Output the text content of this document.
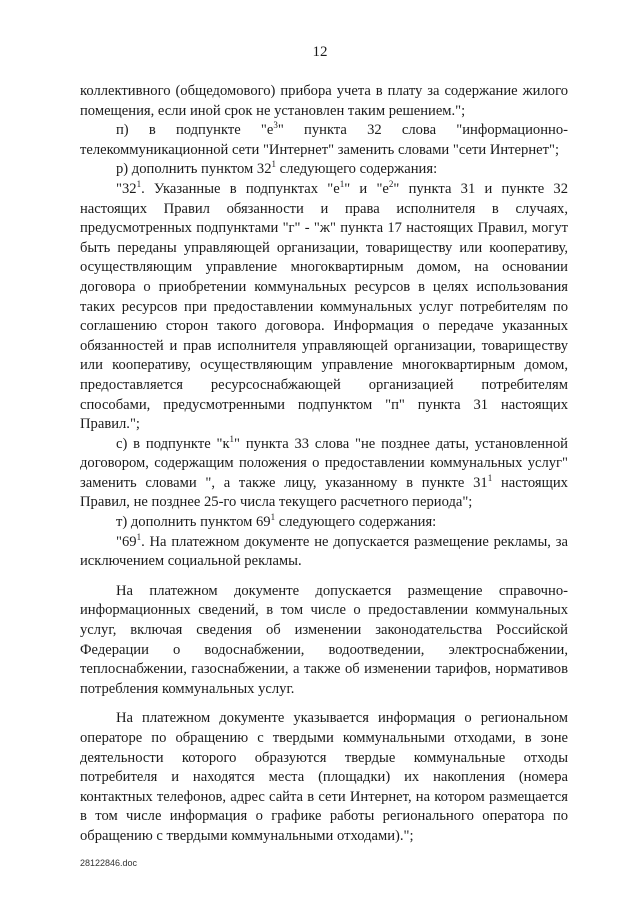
12

коллективного (общедомового) прибора учета в плату за содержание жилого помещения, если иной срок не установлен таким решением.";

п) в подпункте "$е^3$" пункта 32 слова "информационно-телекоммуникационной сети "Интернет" заменить словами "сети Интернет";

р) дополнить пунктом $32^1$ следующего содержания:

"$32^1$. Указанные в подпунктах "$е^1$" и "$е^2$" пункта 31 и пункте 32 настоящих Правил обязанности и права исполнителя в случаях, предусмотренных подпунктами "г" - "ж" пункта 17 настоящих Правил, могут быть переданы управляющей организации, товариществу или кооперативу, осуществляющим управление многоквартирным домом, на основании договора о приобретении коммунальных ресурсов в целях использования таких ресурсов при предоставлении коммунальных услуг потребителям по соглашению сторон такого договора. Информация о передаче указанных обязанностей и прав исполнителя управляющей организации, товариществу или кооперативу, осуществляющим управление многоквартирным домом, предоставляется ресурсоснабжающей организацией потребителям способами, предусмотренными подпунктом "п" пункта 31 настоящих Правил.";

с) в подпункте "$к^1$" пункта 33 слова "не позднее даты, установленной договором, содержащим положения о предоставлении коммунальных услуг" заменить словами ", а также лицу, указанному в пункте $31^1$ настоящих Правил, не позднее 25-го числа текущего расчетного периода";

т) дополнить пунктом $69^1$ следующего содержания:

"$69^1$. На платежном документе не допускается размещение рекламы, за исключением социальной рекламы.

На платежном документе допускается размещение справочно-информационных сведений, в том числе о предоставлении коммунальных услуг, включая сведения об изменении законодательства Российской Федерации о водоснабжении, водоотведении, электроснабжении, теплоснабжении, газоснабжении, а также об изменении тарифов, нормативов потребления коммунальных услуг.

На платежном документе указывается информация о региональном операторе по обращению с твердыми коммунальными отходами, в зоне деятельности которого образуются твердые коммунальные отходы потребителя и находятся места (площадки) их накопления (номера контактных телефонов, адрес сайта в сети Интернет, на котором размещается в том числе информация о графике работы регионального оператора по обращению с твердыми коммунальными отходами).";

28122846.doc
